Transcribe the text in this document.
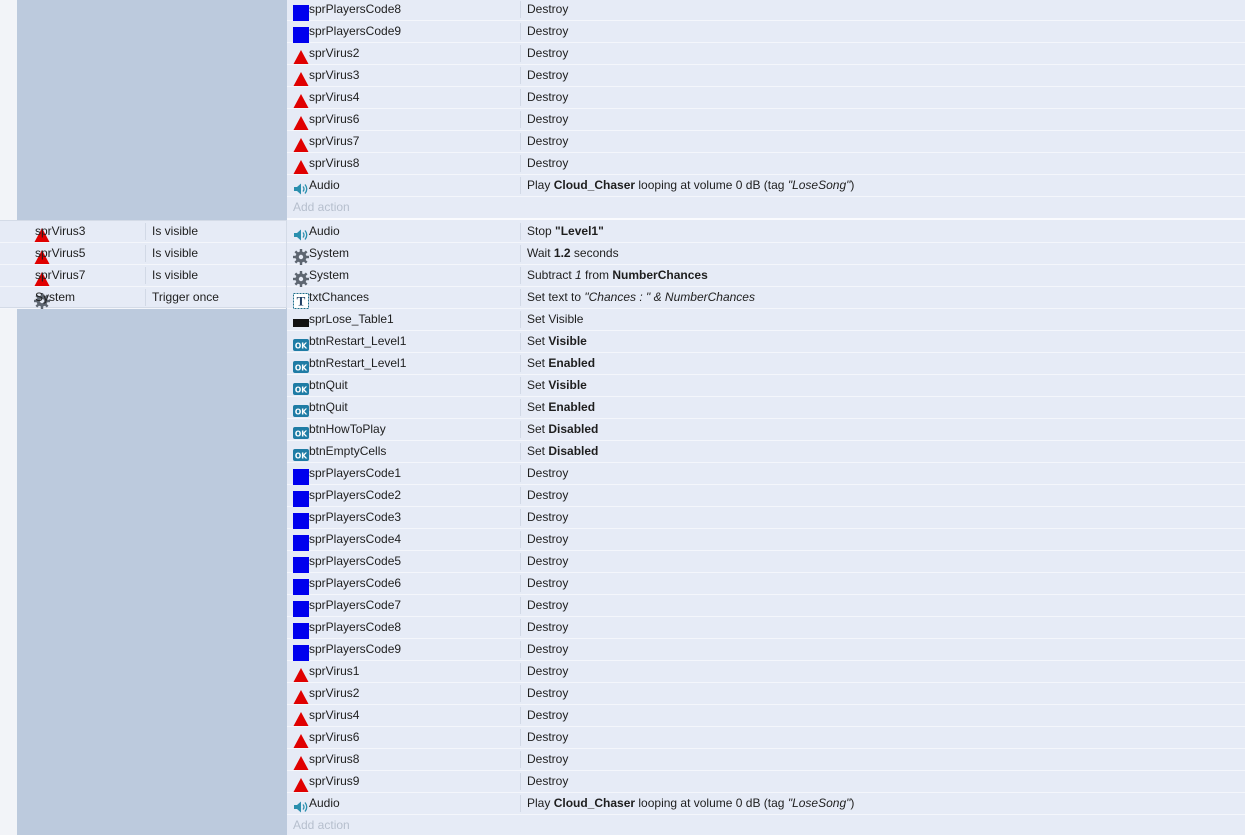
sprPlayersCode8	Destroy
sprPlayersCode9	Destroy
sprVirus2	Destroy
sprVirus3	Destroy
sprVirus4	Destroy
sprVirus6	Destroy
sprVirus7	Destroy
sprVirus8	Destroy
Audio	Play Cloud_Chaser looping at volume 0 dB (tag "LoseSong")
Add action
sprVirus3	Is visible
sprVirus5	Is visible
sprVirus7	Is visible
System	Trigger once
Audio	Stop "Level1"
System	Wait 1.2 seconds
System	Subtract 1 from NumberChances
T txtChances	Set text to "Chances : " & NumberChances
sprLose_Table1	Set Visible
OK btnRestart_Level1	Set Visible
OK btnRestart_Level1	Set Enabled
OK btnQuit	Set Visible
OK btnQuit	Set Enabled
OK btnHowToPlay	Set Disabled
OK btnEmptyCells	Set Disabled
sprPlayersCode1	Destroy
sprPlayersCode2	Destroy
sprPlayersCode3	Destroy
sprPlayersCode4	Destroy
sprPlayersCode5	Destroy
sprPlayersCode6	Destroy
sprPlayersCode7	Destroy
sprPlayersCode8	Destroy
sprPlayersCode9	Destroy
sprVirus1	Destroy
sprVirus2	Destroy
sprVirus4	Destroy
sprVirus6	Destroy
sprVirus8	Destroy
sprVirus9	Destroy
Audio	Play Cloud_Chaser looping at volume 0 dB (tag "LoseSong")
Add action
